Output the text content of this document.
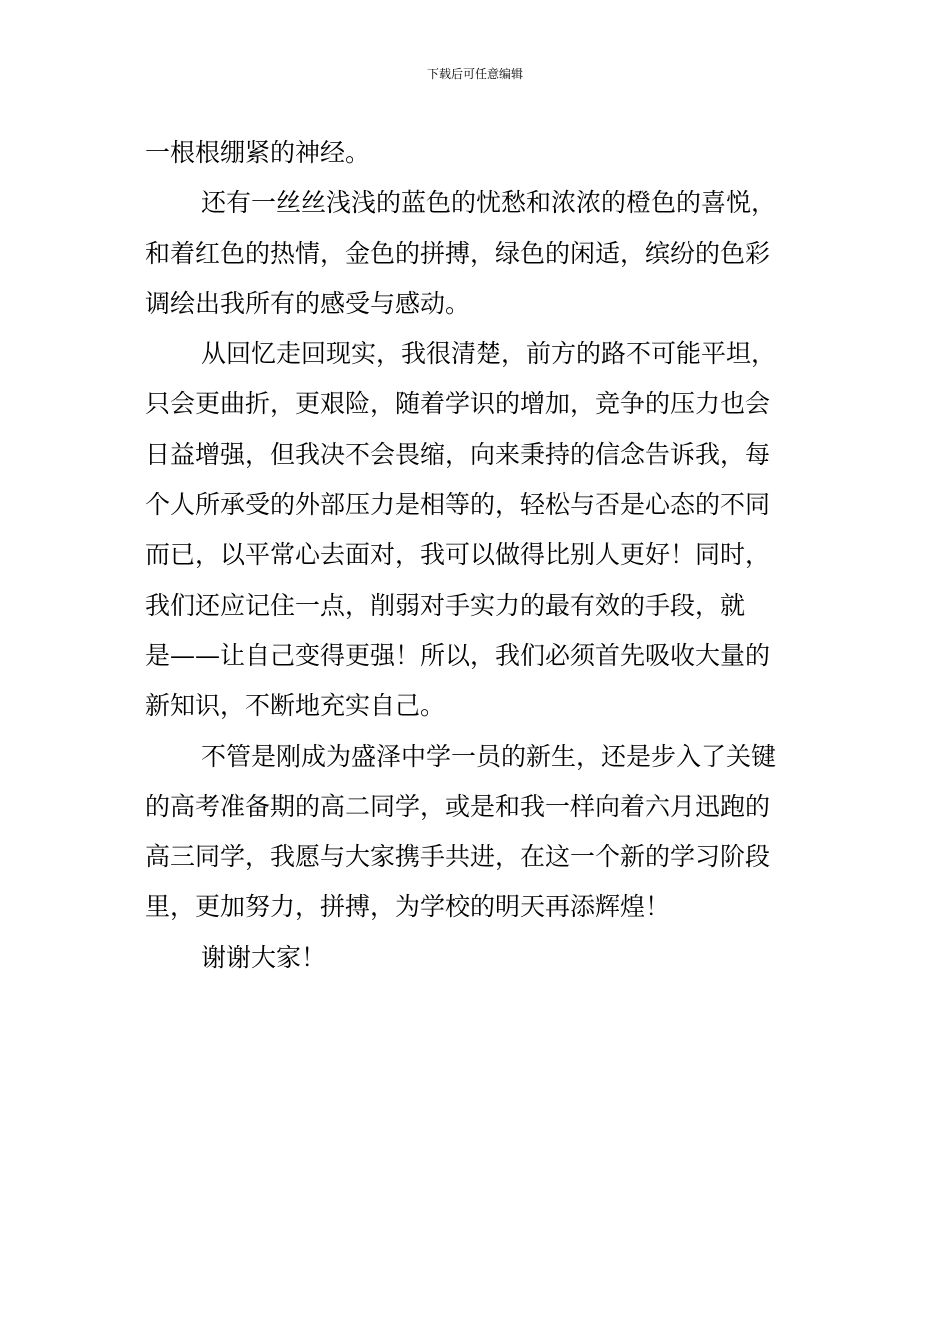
下载后可任意编辑

一根根绷紧的神经。

还有一丝丝浅浅的蓝色的忧愁和浓浓的橙色的喜悦，
和着红色的热情，金色的拼搏，绿色的闲适，缤纷的色彩
调绘出我所有的感受与感动。

从回忆走回现实，我很清楚，前方的路不可能平坦，
只会更曲折，更艰险，随着学识的增加，竞争的压力也会
日益增强，但我决不会畏缩，向来秉持的信念告诉我，每
个人所承受的外部压力是相等的，轻松与否是心态的不同
而已，以平常心去面对，我可以做得比别人更好！同时，
我们还应记住一点，削弱对手实力的最有效的手段，就
是——让自己变得更强！所以，我们必须首先吸收大量的
新知识，不断地充实自己。

不管是刚成为盛泽中学一员的新生，还是步入了关键
的高考准备期的高二同学，或是和我一样向着六月迅跑的
高三同学，我愿与大家携手共进，在这一个新的学习阶段
里，更加努力，拼搏，为学校的明天再添辉煌！

谢谢大家！
